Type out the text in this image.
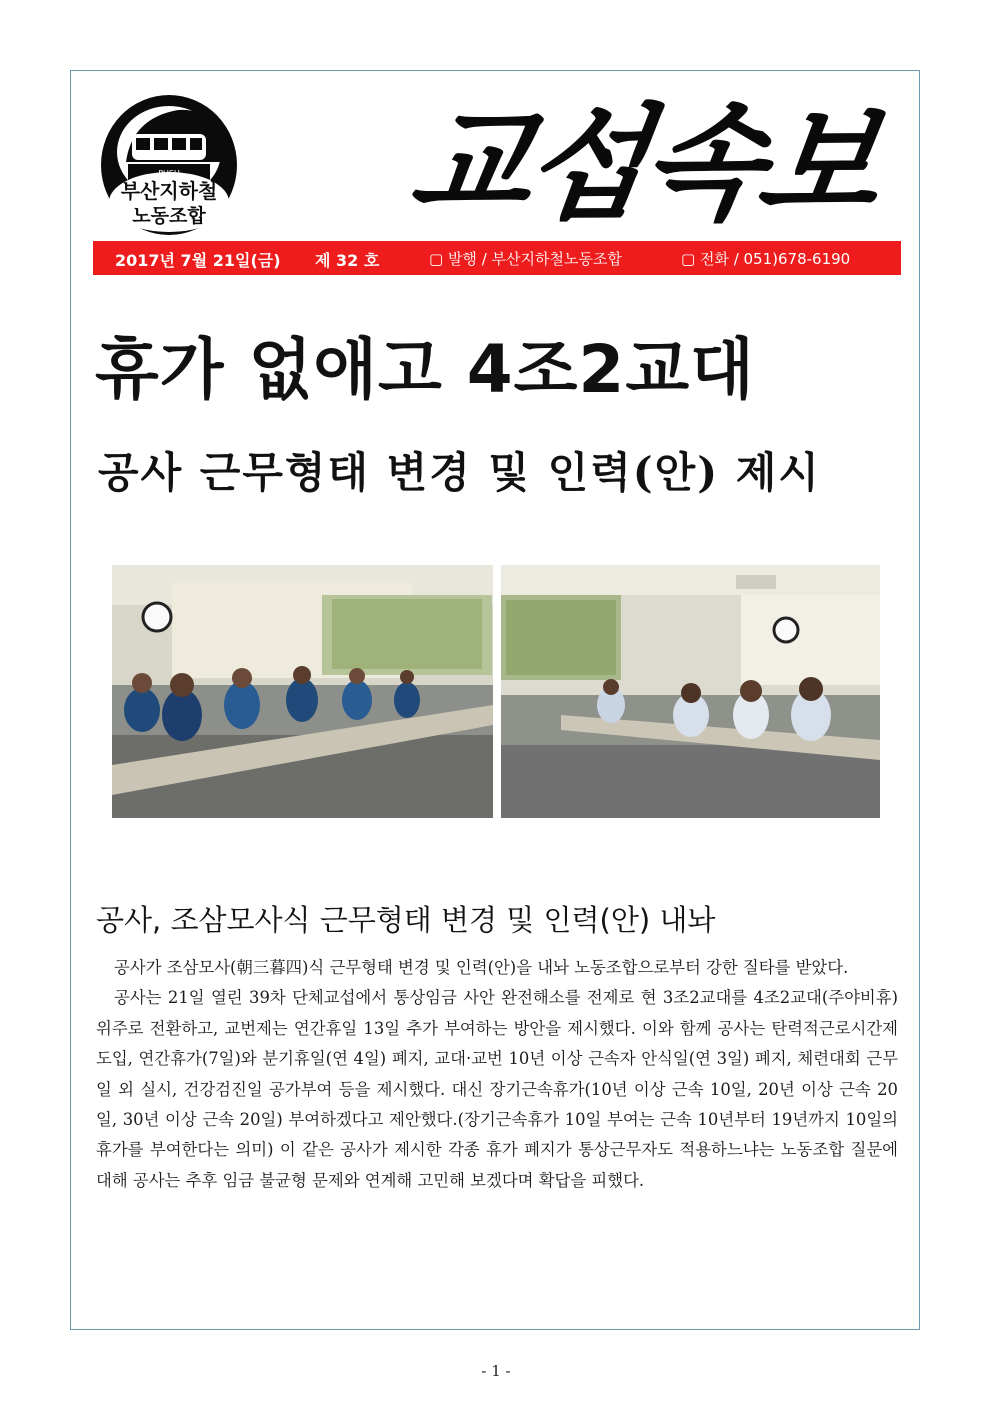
부산지하철
노동조합 교섭속보
2017년 7월 21일(금) 제 32 호	▢ 발행 / 부산지하철노동조합	▢ 전화 / 051)678-6190
휴가 없애고 4조2교대
공사 근무형태 변경 및 인력(안) 제시
공사, 조삼모사식 근무형태 변경 및 인력(안) 내놔

공사가 조삼모사(朝三暮四)식 근무형태 변경 및 인력(안)을 내놔 노동조합으로부터 강한 질타를 받았다.

공사는 21일 열린 39차 단체교섭에서 통상임금 사안 완전해소를 전제로 현 3조2교대를 4조2교대(주야비휴) 위주로 전환하고, 교번제는 연간휴일 13일 추가 부여하는 방안을 제시했다. 이와 함께 공사는 탄력적근로시간제 도입, 연간휴가(7일)와 분기휴일(연 4일) 폐지, 교대·교번 10년 이상 근속자 안식일(연 3일) 폐지, 체련대회 근무일 외 실시, 건강검진일 공가부여 등을 제시했다. 대신 장기근속휴가(10년 이상 근속 10일, 20년 이상 근속 20일, 30년 이상 근속 20일) 부여하겠다고 제안했다.(장기근속휴가 10일 부여는 근속 10년부터 19년까지 10일의 휴가를 부여한다는 의미) 이 같은 공사가 제시한 각종 휴가 폐지가 통상근무자도 적용하느냐는 노동조합 질문에 대해 공사는 추후 임금 불균형 문제와 연계해 고민해 보겠다며 확답을 피했다.

- 1 -
